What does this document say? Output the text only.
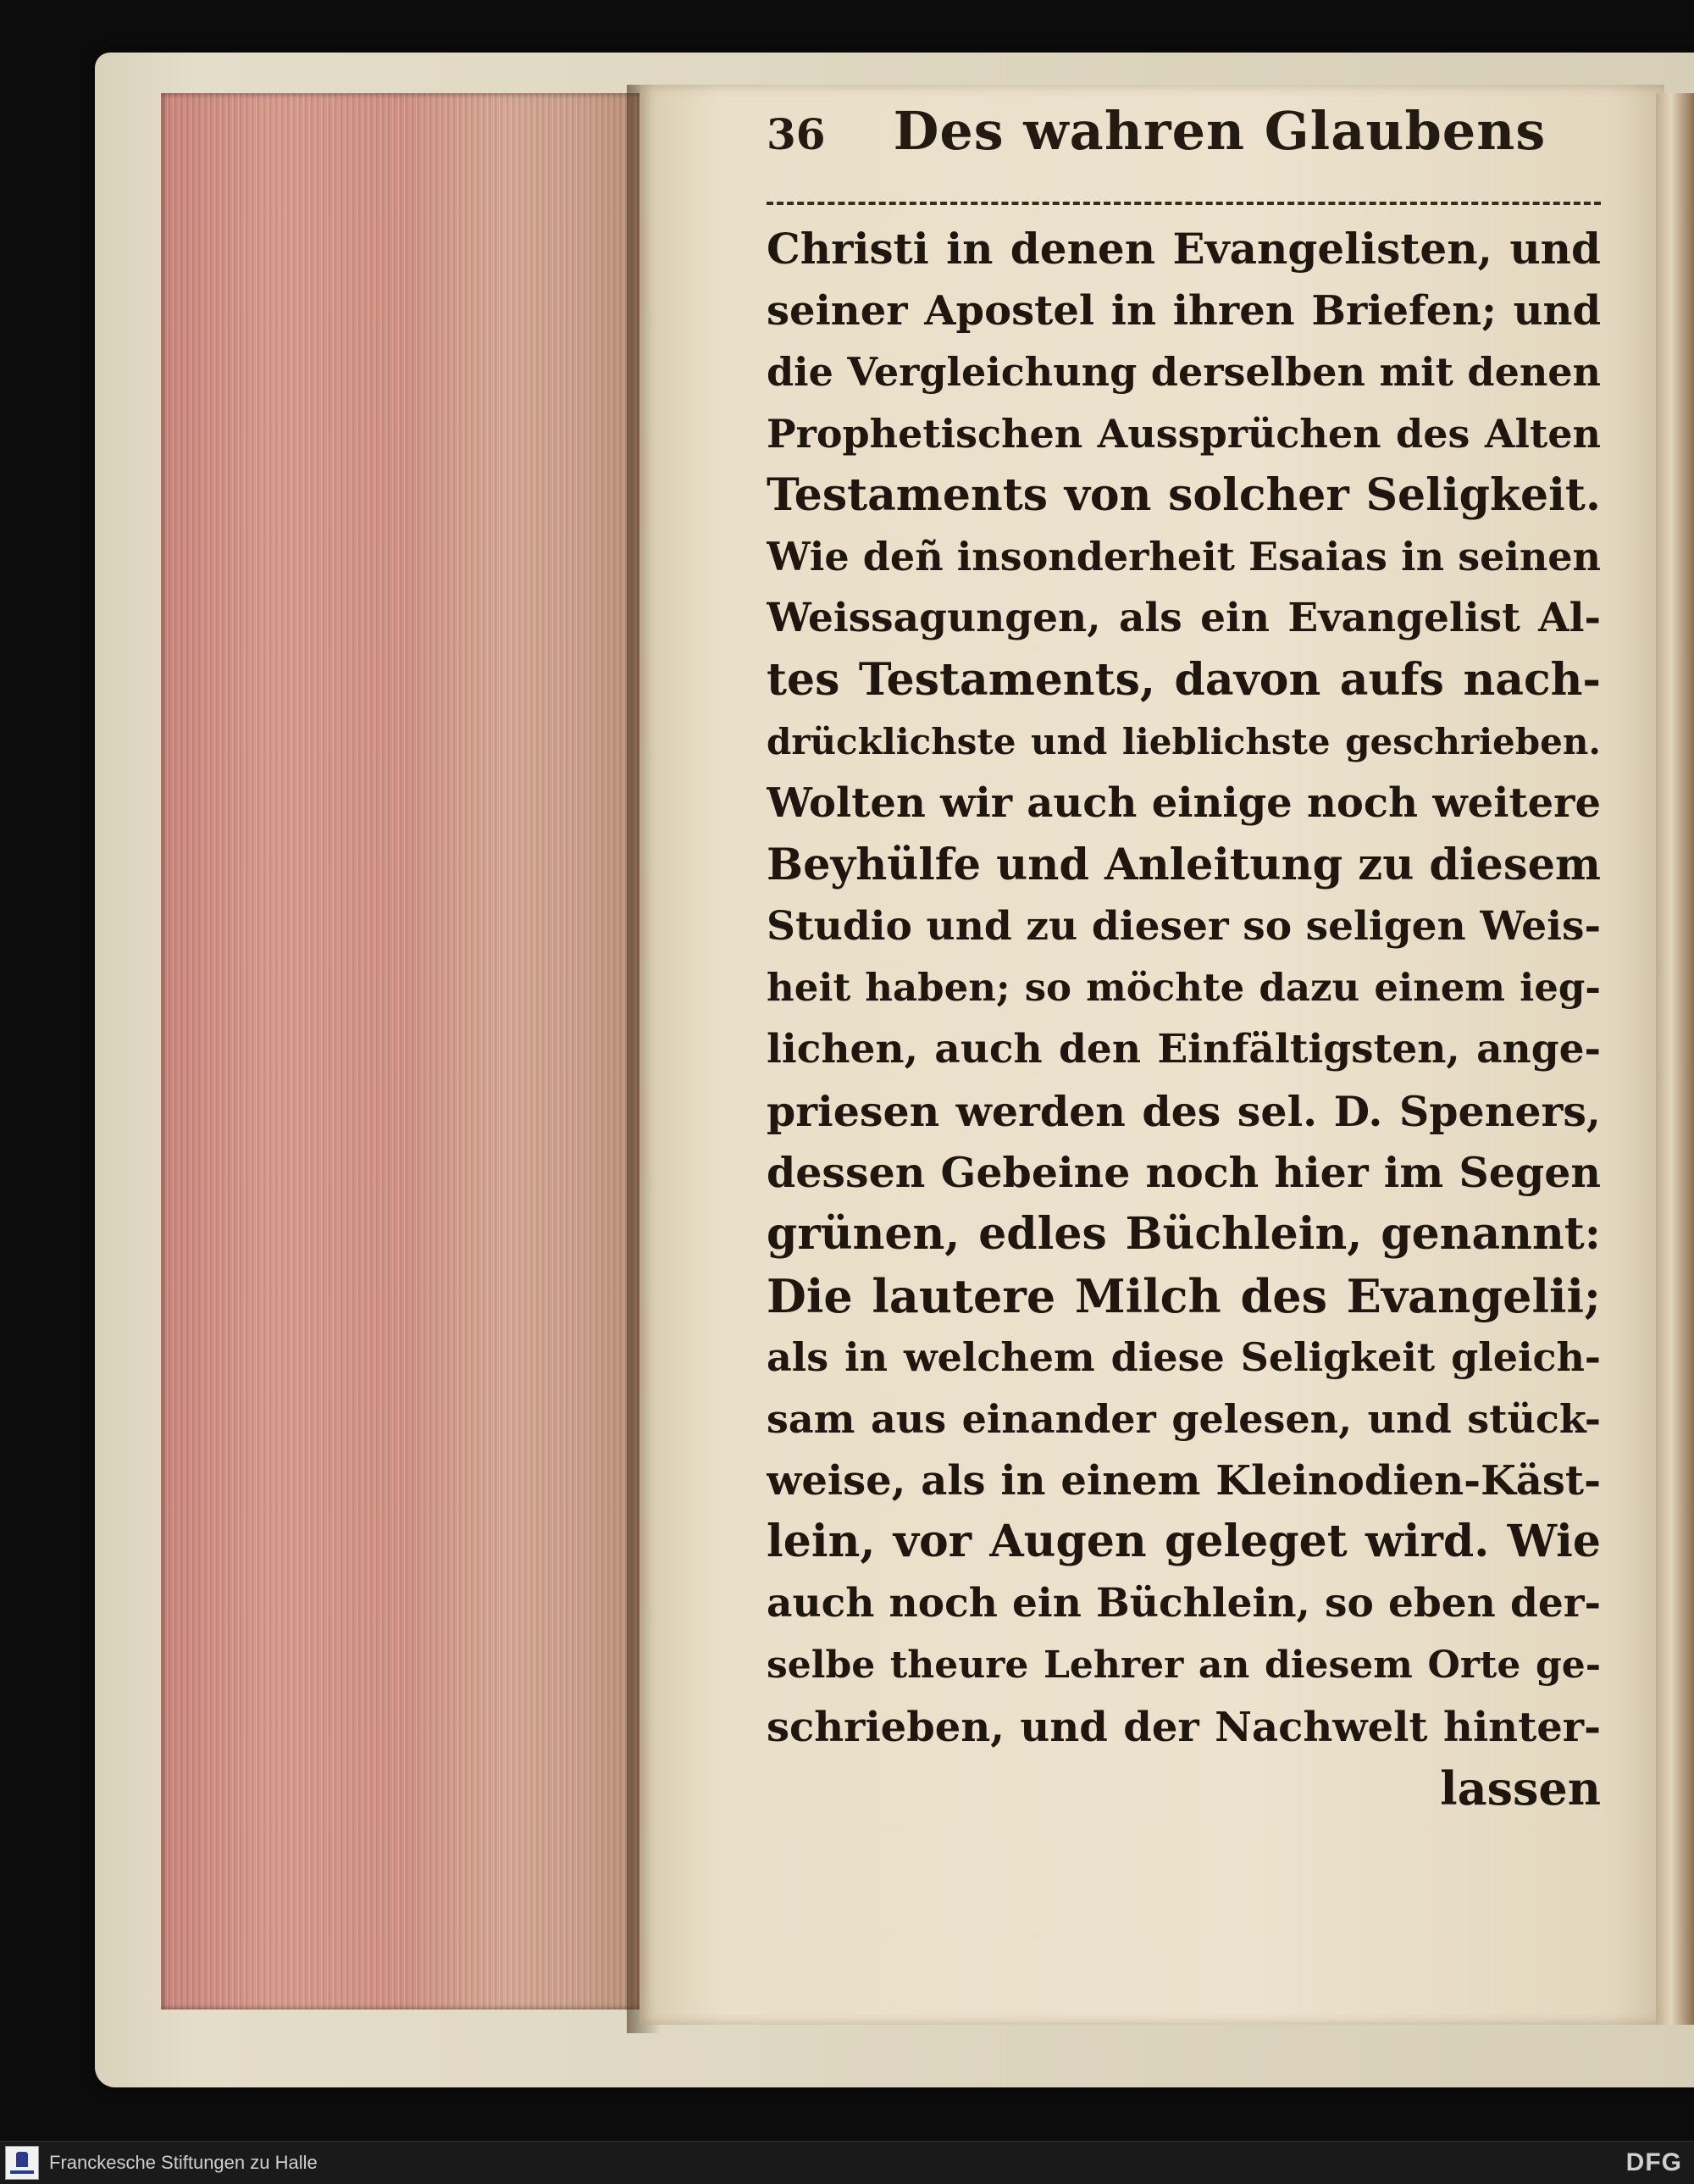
36 Des wahren Glaubens
Christi in denen Evangelisten, und
seiner Apostel in ihren Briefen; und
die Vergleichung derselben mit denen
Prophetischen Aussprüchen des Alten
Testaments von solcher Seligkeit.
Wie deñ insonderheit Esaias in seinen
Weissagungen, als ein Evangelist Al-
tes Testaments, davon aufs nach-
drücklichste und lieblichste geschrieben.
Wolten wir auch einige noch weitere
Beyhülfe und Anleitung zu diesem
Studio und zu dieser so seligen Weis-
heit haben; so möchte dazu einem ieg-
lichen, auch den Einfältigsten, ange-
priesen werden des sel. D. Speners,
dessen Gebeine noch hier im Segen
grünen, edles Büchlein, genannt:
Die lautere Milch des Evangelii;
als in welchem diese Seligkeit gleich-
sam aus einander gelesen, und stück-
weise, als in einem Kleinodien-Käst-
lein, vor Augen geleget wird. Wie
auch noch ein Büchlein, so eben der-
selbe theure Lehrer an diesem Orte ge-
schrieben, und der Nachwelt hinter-
lassen
Franckesche Stiftungen zu Halle	DFG
